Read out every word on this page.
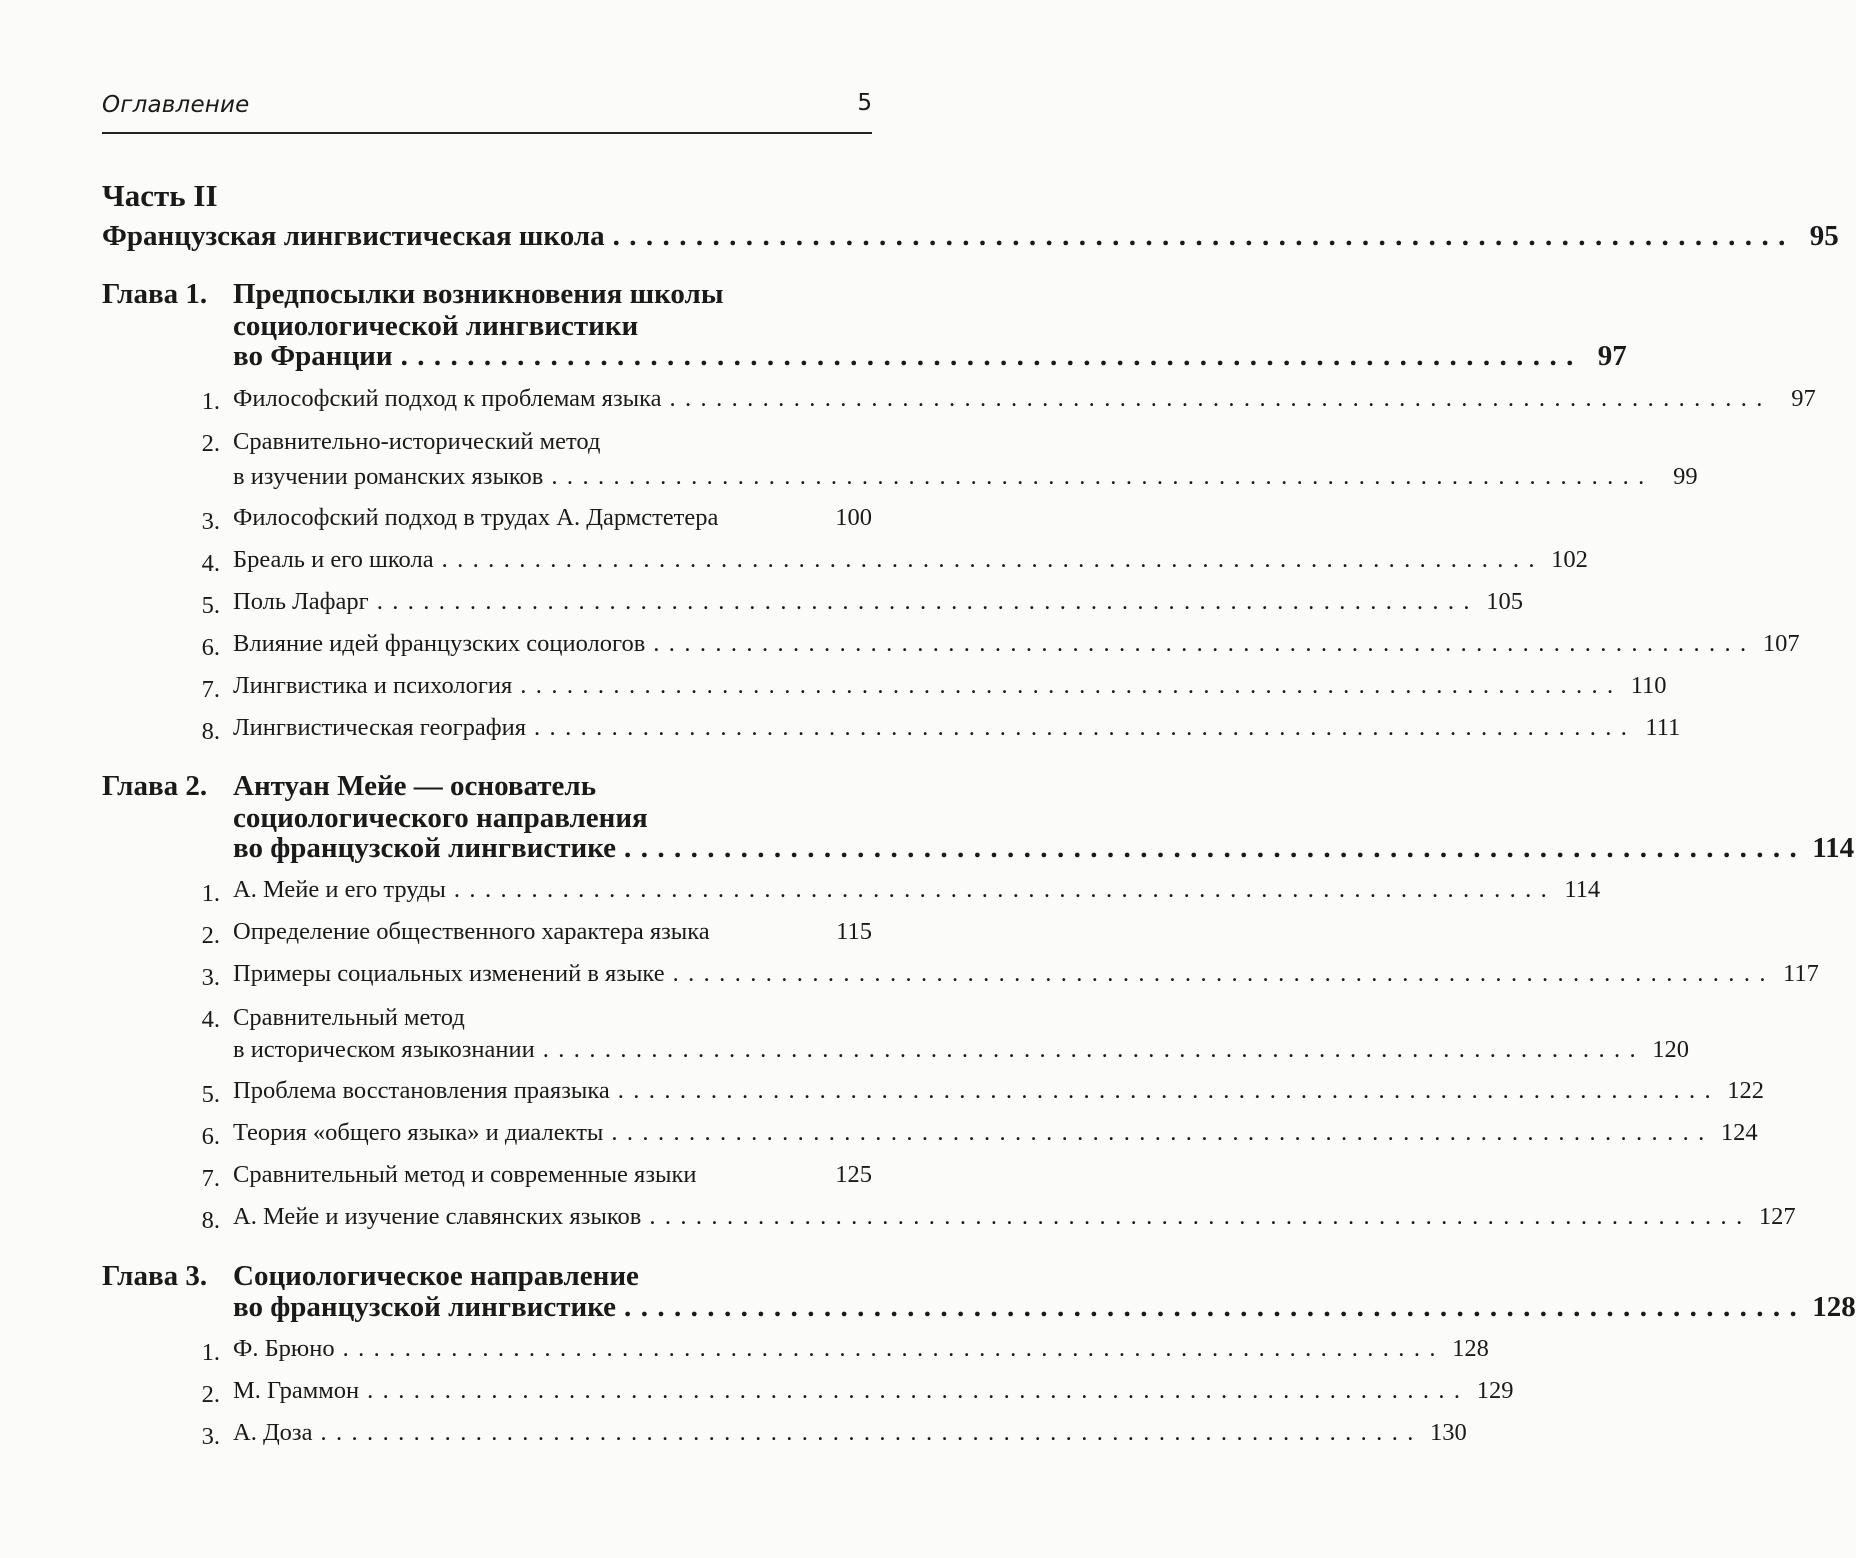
Оглавление	5
Часть II
Французская лингвистическая школа ....................................................................... 95
Глава 1. Предпосылки возникновения школы
социологической лингвистики
во Франции ....................................................................... 97
1. Философский подход к проблемам языка ....................................................................... 97
2. Сравнительно-исторический метод
в изучении романских языков ....................................................................... 99
3. Философский подход в трудах А. Дармстетера	100
4. Бреаль и его школа ....................................................................... 102
5. Поль Лафарг ....................................................................... 105
6. Влияние идей французских социологов ....................................................................... 107
7. Лингвистика и психология ....................................................................... 110
8. Лингвистическая география ....................................................................... 111
Глава 2. Антуан Мейе — основатель
социологического направления
во французской лингвистике ....................................................................... 114
1. А. Мейе и его труды ....................................................................... 114
2. Определение общественного характера языка	115
3. Примеры социальных изменений в языке ....................................................................... 117
4. Сравнительный метод
в историческом языкознании ....................................................................... 120
5. Проблема восстановления праязыка ....................................................................... 122
6. Теория «общего языка» и диалекты ....................................................................... 124
7. Сравнительный метод и современные языки	125
8. А. Мейе и изучение славянских языков ....................................................................... 127
Глава 3. Социологическое направление
во французской лингвистике ....................................................................... 128
1. Ф. Брюно ....................................................................... 128
2. М. Граммон ....................................................................... 129
3. А. Доза ....................................................................... 130
